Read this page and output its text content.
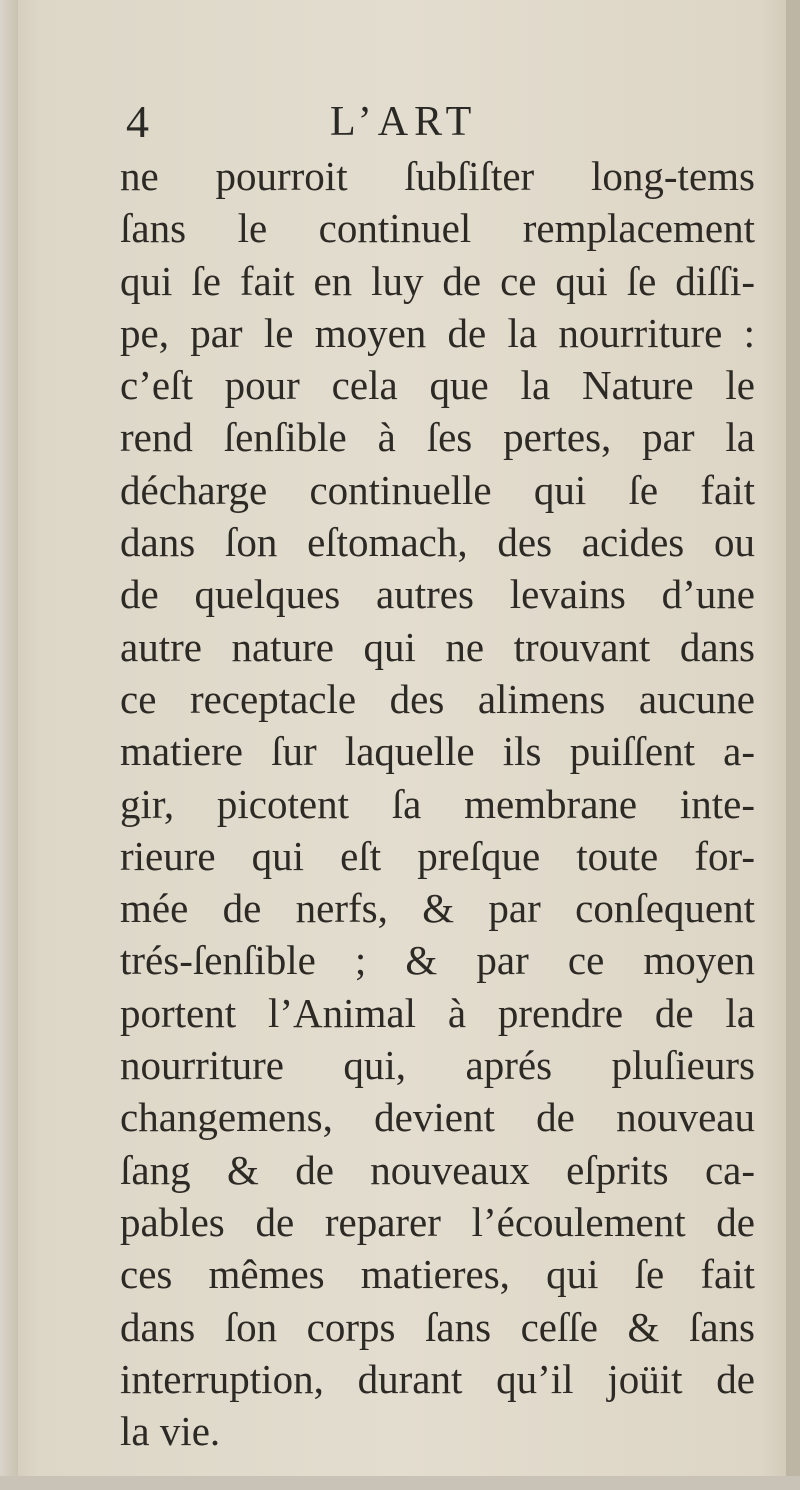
4	L’ART
ne pourroit ſubſiſter long-tems
ſans le continuel remplacement
qui ſe fait en luy de ce qui ſe diſſi-
pe, par le moyen de la nourriture :
c’eſt pour cela que la Nature le
rend ſenſible à ſes pertes, par la
décharge continuelle qui ſe fait
dans ſon eſtomach, des acides ou
de quelques autres levains d’une
autre nature qui ne trouvant dans
ce receptacle des alimens aucune
matiere ſur laquelle ils puiſſent a-
gir, picotent ſa membrane inte-
rieure qui eſt preſque toute for-
mée de nerfs, & par conſequent
trés-ſenſible ; & par ce moyen
portent l’Animal à prendre de la
nourriture qui, aprés pluſieurs
changemens, devient de nouveau
ſang & de nouveaux eſprits ca-
pables de reparer l’écoulement de
ces mêmes matieres, qui ſe fait
dans ſon corps ſans ceſſe & ſans
interruption, durant qu’il joüit de
la vie.
